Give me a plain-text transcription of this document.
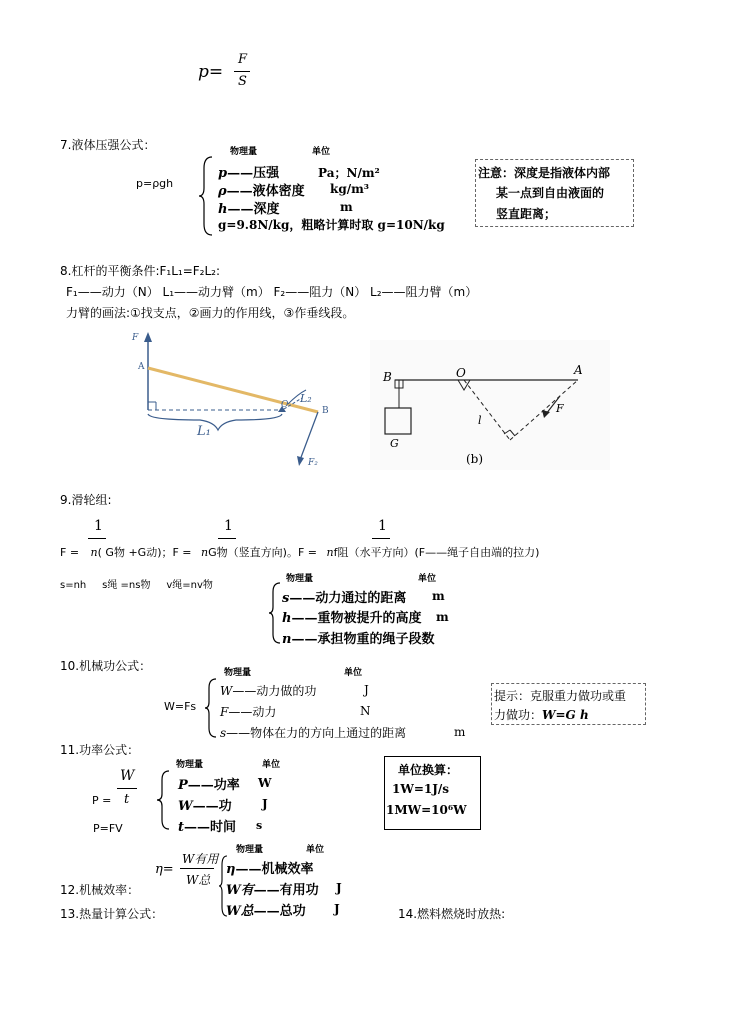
p=
F
S
7.液体压强公式：
p=ρgh
物理量	单位
p——压强	Pa；N/m²
ρ——液体密度 kg/m³
h——深度	m
g=9.8N/kg，粗略计算时取 g=10N/kg
注意：深度是指液体内部
某一点到自由液面的
竖直距离；
8.杠杆的平衡条件:F₁L₁=F₂L₂:
F₁——动力（N） L₁——动力臂（m） F₂——阻力（N） L₂——阻力臂（m）
力臂的画法:①找支点，②画力的作用线，③作垂线段。
F
A
O
B
L₁
L₂
F₂
B	O	A
F
l
G
(b)
9.滑轮组:
1	1	1
F = n( G物 +G动)；F = nG物（竖直方向)。F = nf阻（水平方向）(F——绳子自由端的拉力)
s=nh     s绳 =ns物     v绳=nv物
物理量	单位
s——动力通过的距离 m
h——重物被提升的高度 m
n——承担物重的绳子段数
10.机械功公式：
W=Fs
物理量	单位
W——动力做的功	J
F——动力	N
s——物体在力的方向上通过的距离	m
提示：克服重力做功或重
力做功：W=G h
11.功率公式：
W
t
P =
P=FV
物理量	单位
P——功率 W
W——功	J
t——时间 s
单位换算：
1W=1J/s
1MW=10⁶W
η=
W有用
W总
物理量	单位
12.机械效率：
η——机械效率
W有——有用功 J
W总——总功 J
13.热量计算公式：	14.燃料燃烧时放热:
